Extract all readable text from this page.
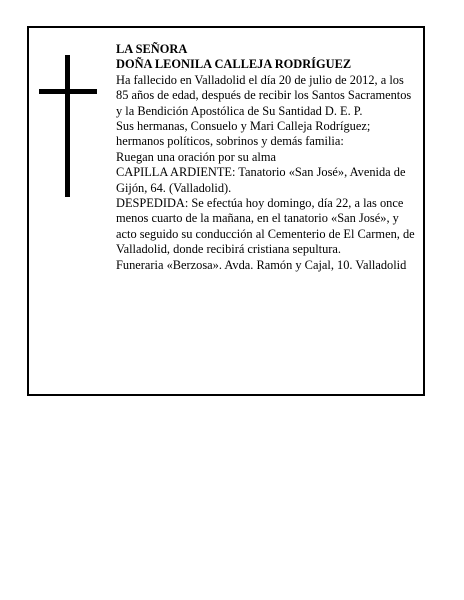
LA SEÑORA

DOÑA LEONILA CALLEJA RODRÍGUEZ

Ha fallecido en Valladolid el día 20 de julio de 2012, a los 85 años de edad, después de recibir los Santos Sacramentos y la Bendición Apostólica de Su Santidad D. E. P.

Sus hermanas, Consuelo y Mari Calleja Rodríguez; hermanos políticos, sobrinos y demás familia:

Ruegan una oración por su alma

CAPILLA ARDIENTE: Tanatorio «San José», Avenida de Gijón, 64. (Valladolid).

DESPEDIDA: Se efectúa hoy domingo, día 22, a las once menos cuarto de la mañana, en el tanatorio «San José», y acto seguido su conducción al Cementerio de El Carmen, de Valladolid, donde recibirá cristiana sepultura.

Funeraria «Berzosa». Avda. Ramón y Cajal, 10. Valladolid
